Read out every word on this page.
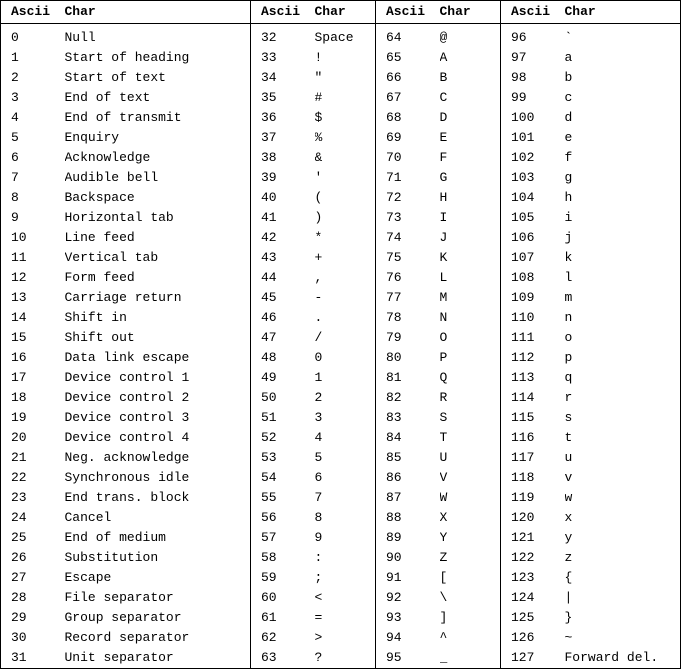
Ascii	Char	Ascii	Char	Ascii	Char	Ascii	Char
0	Null	32	Space	64	@	96	`
1	Start of heading	33	!	65	A	97	a
2	Start of text	34	"	66	B	98	b
3	End of text	35	#	67	C	99	c
4	End of transmit	36	$	68	D	100	d
5	Enquiry	37	%	69	E	101	e
6	Acknowledge	38	&	70	F	102	f
7	Audible bell	39	'	71	G	103	g
8	Backspace	40	(	72	H	104	h
9	Horizontal tab	41	)	73	I	105	i
10	Line feed	42	*	74	J	106	j
11	Vertical tab	43	+	75	K	107	k
12	Form feed	44	,	76	L	108	l
13	Carriage return	45	-	77	M	109	m
14	Shift in	46	.	78	N	110	n
15	Shift out	47	/	79	O	111	o
16	Data link escape	48	0	80	P	112	p
17	Device control 1	49	1	81	Q	113	q
18	Device control 2	50	2	82	R	114	r
19	Device control 3	51	3	83	S	115	s
20	Device control 4	52	4	84	T	116	t
21	Neg. acknowledge	53	5	85	U	117	u
22	Synchronous idle	54	6	86	V	118	v
23	End trans. block	55	7	87	W	119	w
24	Cancel	56	8	88	X	120	x
25	End of medium	57	9	89	Y	121	y
26	Substitution	58	:	90	Z	122	z
27	Escape	59	;	91	[	123	{
28	File separator	60	<	92	\	124	|
29	Group separator	61	=	93	]	125	}
30	Record separator	62	>	94	^	126	~
31	Unit separator	63	?	95	_	127	Forward del.
